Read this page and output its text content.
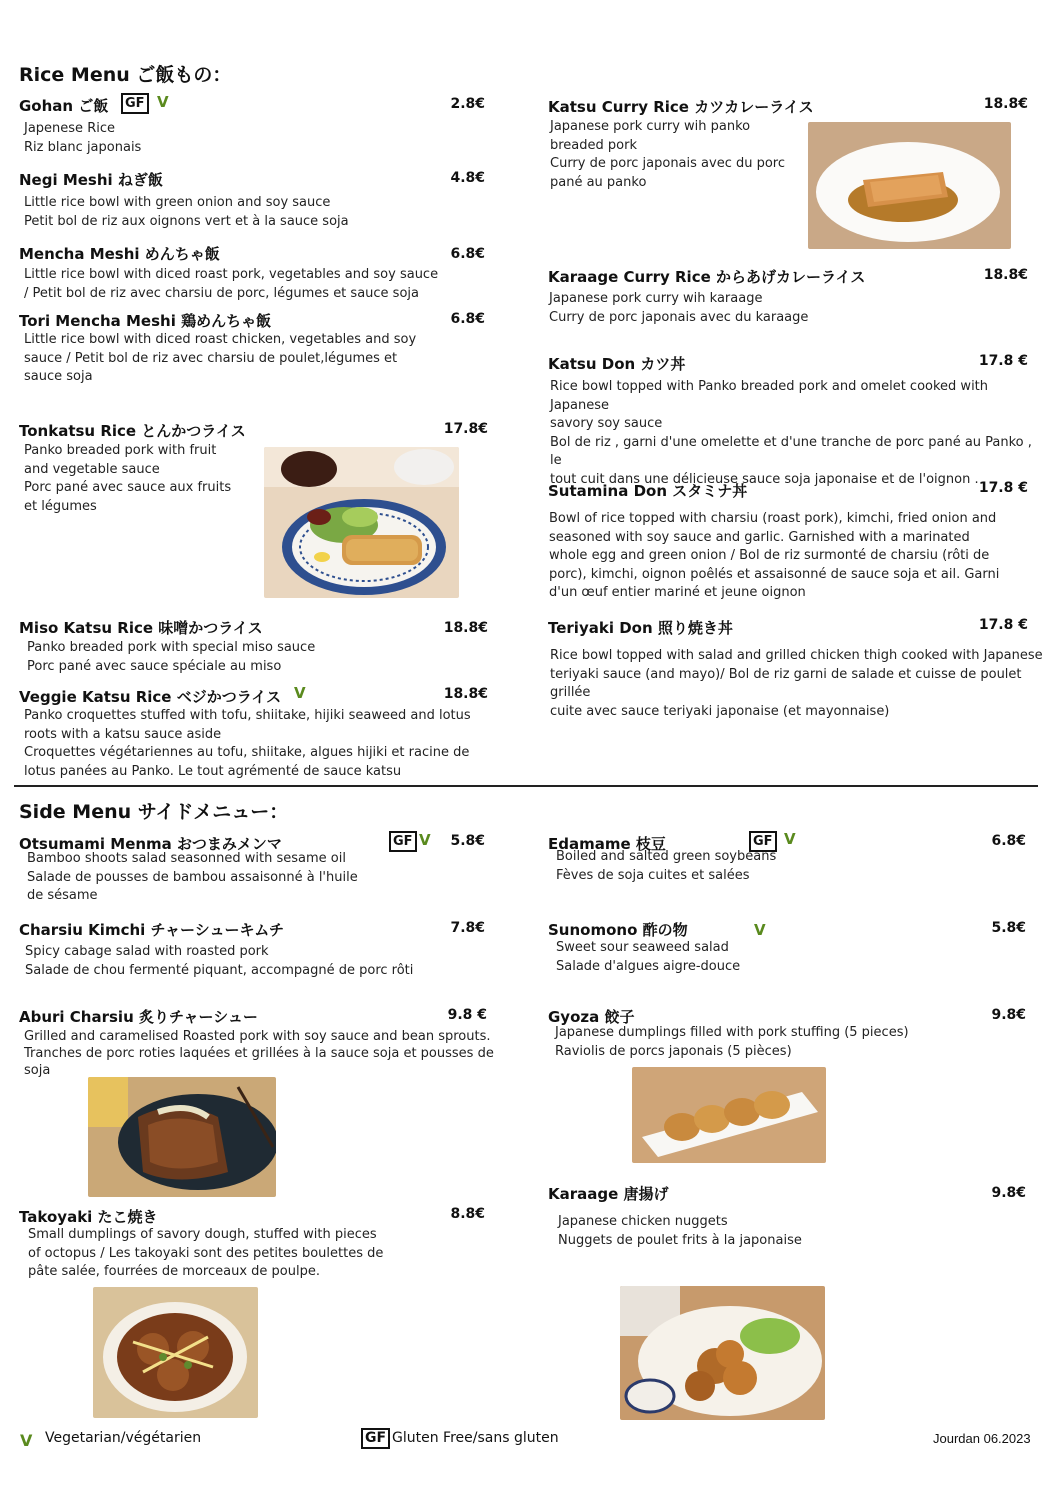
Rice Menu ご飯もの：
Gohan ご飯	GF V	2.8€
Japenese Rice
Riz blanc japonais
Negi Meshi ねぎ飯	4.8€
Little rice bowl with green onion and soy sauce
Petit bol de riz aux oignons vert et à la sauce soja
Mencha Meshi めんちゃ飯	6.8€
Little rice bowl with diced roast pork, vegetables and soy sauce
/ Petit bol de riz avec charsiu de porc, légumes et sauce soja
Tori Mencha Meshi 鶏めんちゃ飯	6.8€
Little rice bowl with diced roast chicken, vegetables and soy
sauce / Petit bol de riz avec charsiu de poulet,légumes et
sauce soja
Tonkatsu Rice とんかつライス	17.8€
Panko breaded pork with fruit
and vegetable sauce
Porc pané avec sauce aux fruits
et légumes
Miso Katsu Rice 味噌かつライス	18.8€
Panko breaded pork with special miso sauce
Porc pané avec sauce spéciale au miso
Veggie Katsu Rice ベジかつライス V	18.8€
Panko croquettes stuffed with tofu, shiitake, hijiki seaweed and lotus
roots with a katsu sauce aside
Croquettes végétariennes au tofu, shiitake, algues hijiki et racine de
lotus panées au Panko. Le tout agrémenté de sauce katsu
Katsu Curry Rice カツカレーライス	18.8€
Japanese pork curry wih panko
breaded pork
Curry de porc japonais avec du porc
pané au panko
Karaage Curry Rice からあげカレーライス	18.8€
Japanese pork curry wih karaage
Curry de porc japonais avec du karaage
Katsu Don カツ丼	17.8 €
Rice bowl topped with Panko breaded pork and omelet cooked with Japanese
savory soy sauce
Bol de riz , garni d'une omelette et d'une tranche de porc pané au Panko , le
tout cuit dans une délicieuse sauce soja japonaise et de l'oignon .
Sutamina Don スタミナ丼	17.8 €
Bowl of rice topped with charsiu (roast pork), kimchi, fried onion and
seasoned with soy sauce and garlic. Garnished with a marinated
whole egg and green onion / Bol de riz surmonté de charsiu (rôti de
porc), kimchi, oignon poêlés et assaisonné de sauce soja et ail. Garni
d'un œuf entier mariné et jeune oignon
Teriyaki Don 照り焼き丼	17.8 €
Rice bowl topped with salad and grilled chicken thigh cooked with Japanese
teriyaki sauce (and mayo)/ Bol de riz garni de salade et cuisse de poulet grillée
cuite avec sauce teriyaki japonaise (et mayonnaise)
Side Menu サイドメニュー：
Otsumami Menma おつまみメンマ	GF V	5.8€
Bamboo shoots salad seasonned with sesame oil
Salade de pousses de bambou assaisonné à l'huile
de sésame
Charsiu Kimchi チャーシューキムチ	7.8€
Spicy cabage salad with roasted pork
Salade de chou fermenté piquant, accompagné de porc rôti
Aburi Charsiu 炙りチャーシュー	9.8 €
Grilled and caramelised Roasted pork with soy sauce and bean sprouts.
Tranches de porc roties laquées et grillées à la sauce soja et pousses de soja
Takoyaki たこ焼き	8.8€
Small dumplings of savory dough, stuffed with pieces
of octopus / Les takoyaki sont des petites boulettes de
pâte salée, fourrées de morceaux de poulpe.
Edamame 枝豆	GF V	6.8€
Boiled and salted green soybeans
Fèves de soja cuites et salées
Sunomono 酢の物	V	5.8€
Sweet sour seaweed salad
Salade d'algues aigre-douce
Gyoza 餃子	9.8€
Japanese dumplings filled with pork stuffing (5 pieces)
Raviolis de porcs japonais (5 pièces)
Karaage 唐揚げ	9.8€
Japanese chicken nuggets
Nuggets de poulet frits à la japonaise
V Vegetarian/végétarien	GF Gluten Free/sans gluten	Jourdan 06.2023
